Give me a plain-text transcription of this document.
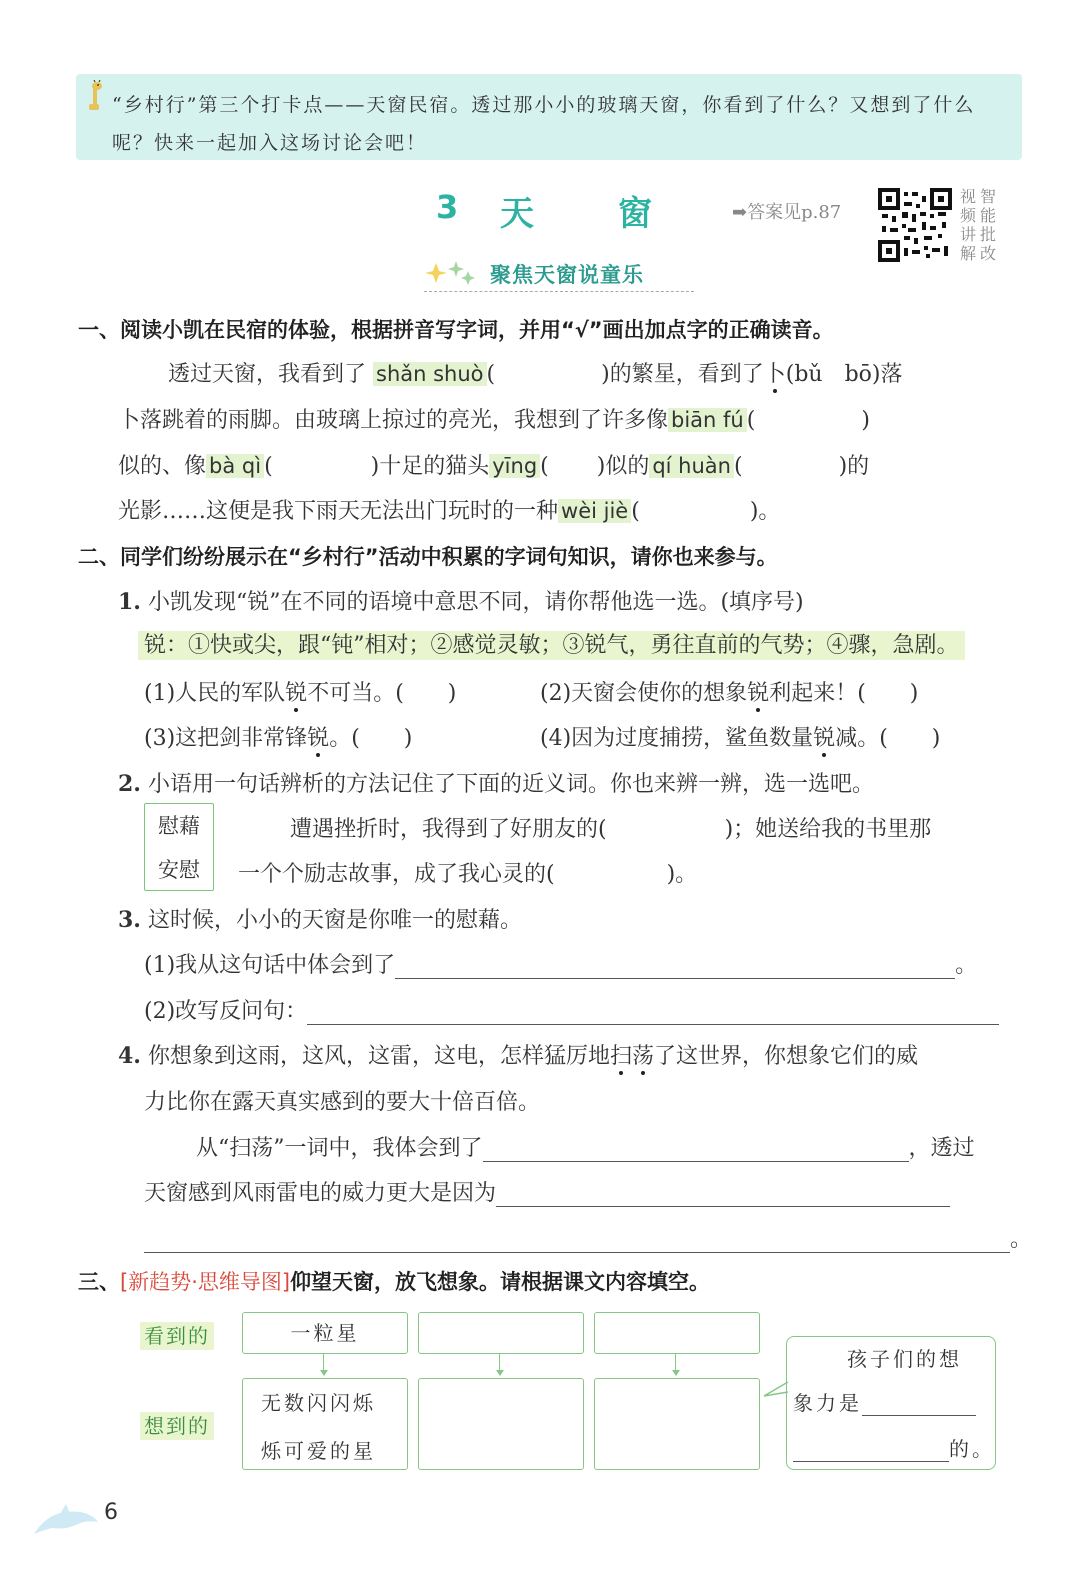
“乡村行”第三个打卡点——天窗民宿。透过那小小的玻璃天窗，你看到了什么？又想到了什么呢？快来一起加入这场讨论会吧！
3 天窗
➡答案见p.87
视 智
频 能
讲 批
解 改
聚焦天窗说童乐
一、阅读小凯在民宿的体验，根据拼音写字词，并用“√”画出加点字的正确读音。
透过天窗，我看到了 shǎn shuò (	)的繁星，看到了卜(bǔ　bō)落
卜落跳着的雨脚。由玻璃上掠过的亮光，我想到了许多像 biān fú (	)
似的、像 bà qì (	)十足的猫头 yīng ( )似的 qí huàn (	)的
光影……这便是我下雨天无法出门玩时的一种 wèi jiè (	)。
二、同学们纷纷展示在“乡村行”活动中积累的字词句知识，请你也来参与。
1. 小凯发现“锐”在不同的语境中意思不同，请你帮他选一选。(填序号)
锐：①快或尖，跟“钝”相对；②感觉灵敏；③锐气，勇往直前的气势；④骤，急剧。
(1)人民的军队锐不可当。(　　)	(2)天窗会使你的想象锐利起来！(　　)
(3)这把剑非常锋锐。(　　)	(4)因为过度捕捞，鲨鱼数量锐减。(　　)
2. 小语用一句话辨析的方法记住了下面的近义词。你也来辨一辨，选一选吧。
慰藉
安慰
遭遇挫折时，我得到了好朋友的(	)；她送给我的书里那
一个个励志故事，成了我心灵的(	)。
3. 这时候，小小的天窗是你唯一的慰藉。
(1)我从这句话中体会到了	。
(2)改写反问句：
4. 你想象到这雨，这风，这雷，这电，怎样猛厉地扫荡了这世界，你想象它们的威
力比你在露天真实感到的要大十倍百倍。
从“扫荡”一词中，我体会到了	，透过
天窗感到风雨雷电的威力更大是因为
。
三、[新趋势·思维导图]仰望天窗，放飞想象。请根据课文内容填空。
看到的
想到的
一粒星
无数闪闪烁
烁可爱的星
孩子们的想
象力是
的。
6
